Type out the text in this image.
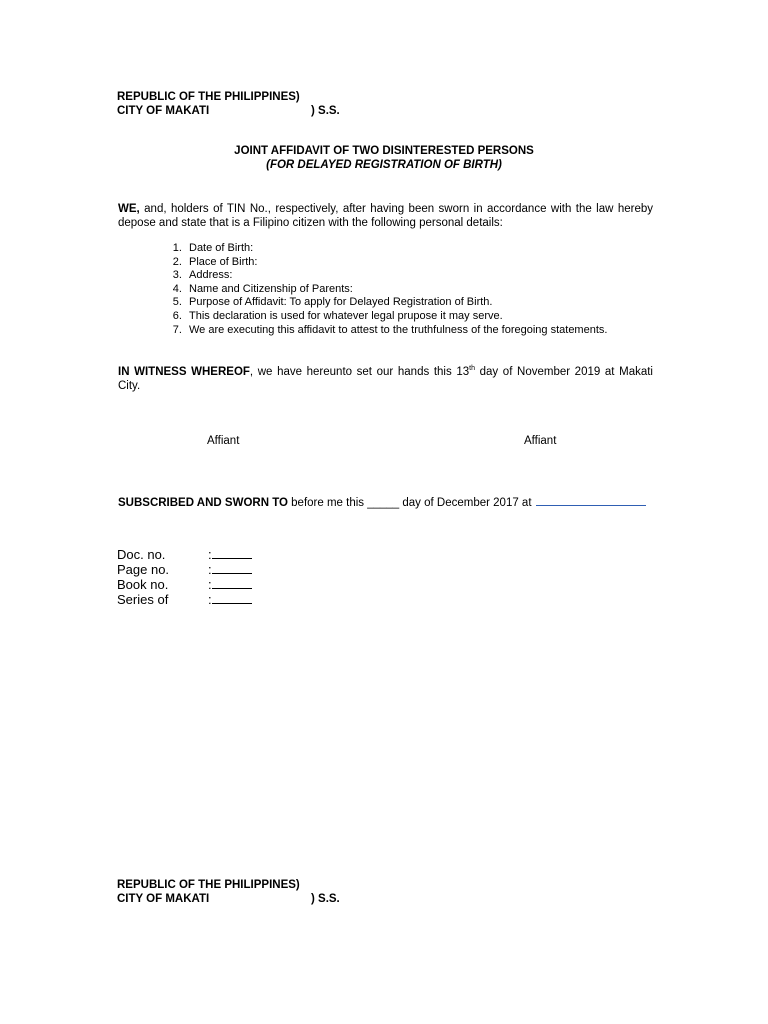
REPUBLIC OF THE PHILIPPINES)
CITY OF MAKATI	) S.S.
JOINT AFFIDAVIT OF TWO DISINTERESTED PERSONS
(FOR DELAYED REGISTRATION OF BIRTH)
WE, and, holders of TIN No., respectively, after having been sworn in accordance with the law hereby depose and state that is a Filipino citizen with the following personal details:
1. Date of Birth:
2. Place of Birth:
3. Address:
4. Name and Citizenship of Parents:
5. Purpose of Affidavit: To apply for Delayed Registration of Birth.
6. This declaration is used for whatever legal prupose it may serve.
7. We are executing this affidavit to attest to the truthfulness of the foregoing statements.
IN WITNESS WHEREOF, we have hereunto set our hands this 13th day of November 2019 at Makati City.
Affiant	Affiant
SUBSCRIBED AND SWORN TO before me this _____ day of December 2017 at
Doc. no.	:
Page no.	:
Book no.	:
Series of	:
REPUBLIC OF THE PHILIPPINES)
CITY OF MAKATI	) S.S.
